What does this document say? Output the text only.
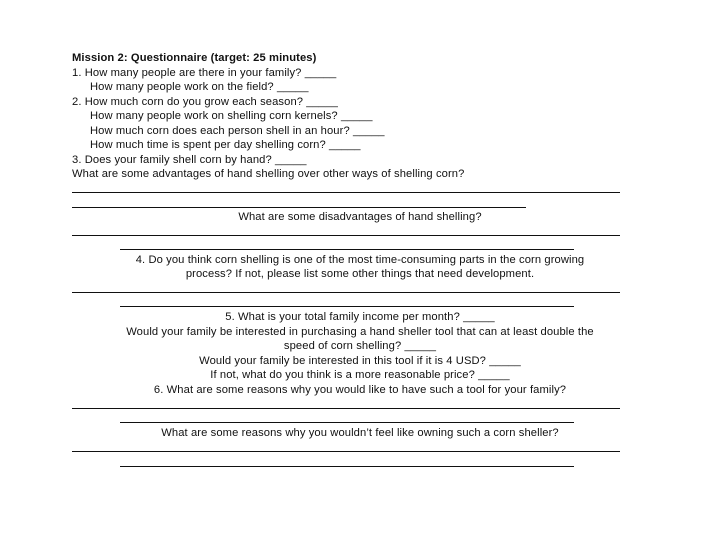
Mission 2: Questionnaire (target: 25 minutes)
1. How many people are there in your family? _____
How many people work on the field? _____
2. How much corn do you grow each season? _____
How many people work on shelling corn kernels? _____
How much corn does each person shell in an hour? _____
How much time is spent per day shelling corn? _____
3. Does your family shell corn by hand? _____
What are some advantages of hand shelling over other ways of shelling corn?
What are some disadvantages of hand shelling?
4. Do you think corn shelling is one of the most time-consuming parts in the corn growing
process? If not, please list some other things that need development.
5. What is your total family income per month? _____
Would your family be interested in purchasing a hand sheller tool that can at least double the
speed of corn shelling? _____
Would your family be interested in this tool if it is 4 USD? _____
If not, what do you think is a more reasonable price? _____
6. What are some reasons why you would like to have such a tool for your family?
What are some reasons why you wouldn’t feel like owning such a corn sheller?
